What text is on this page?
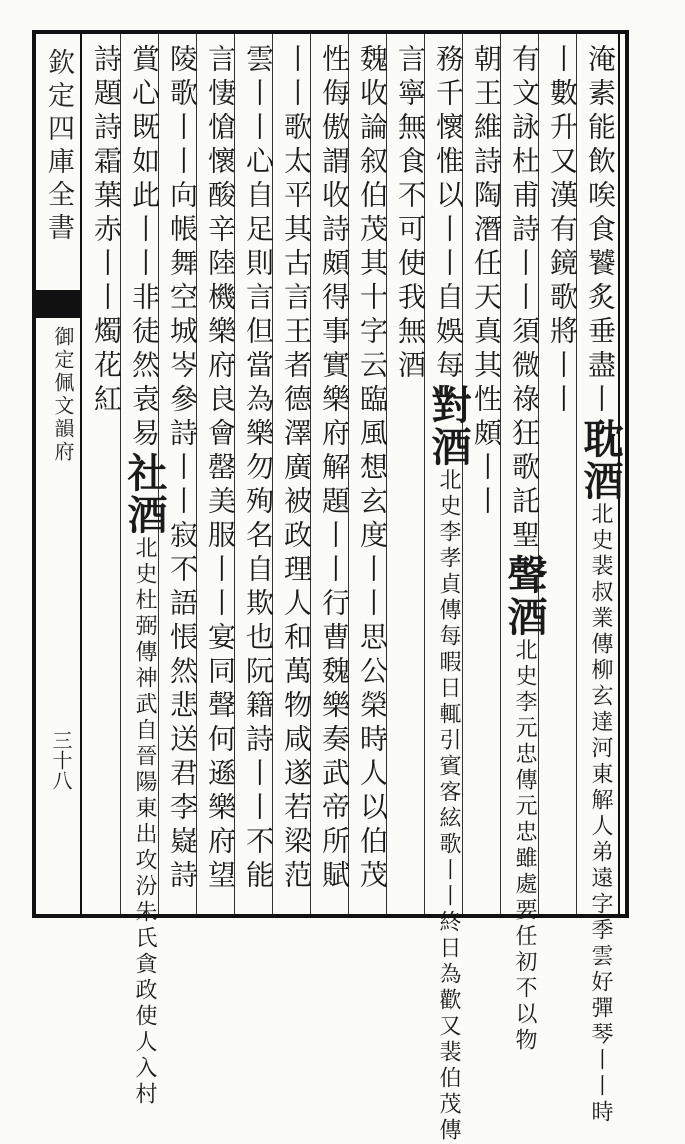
欽定四庫全書
御定佩文韻府
三十八
淹素能飲唉食饕炙垂盡丨耽酒北史裴叔業傳柳玄達河東解人弟遠字季雲好彈琴丨丨時
丨數升又漢有鏡歌將丨丨
有文詠杜甫詩丨丨須微祿狂歌託聖聲酒北史李元忠傳元忠雖處要任初不以物
朝王維詩陶潛任天真其性頗丨丨
務千懷惟以丨丨自娛每對酒北史李孝貞傳每暇日輒引賓客絃歌丨丨終日為歡又裴伯茂傳
言寧無食不可使我無酒
魏收論叙伯茂其十字云臨風想玄度丨丨思公榮時人以伯茂
性侮傲謂收詩頗得事實樂府解題丨丨行曹魏樂奏武帝所賦
丨丨歌太平其古言王者德澤廣被政理人和萬物咸遂若梁范
雲丨丨心自足則言但當為樂勿殉名自欺也阮籍詩丨丨不能
言悽愴懷酸辛陸機樂府良會罄美服丨丨宴同聲何遜樂府望
陵歌丨丨向帳舞空城岑參詩丨丨寂不語悵然悲送君李嶷詩
賞心既如此丨丨非徒然袁易社酒北史杜弼傳神武自晉陽東出攻汾朱氏貪政使人入村
詩題詩霜葉赤丨丨燭花紅
